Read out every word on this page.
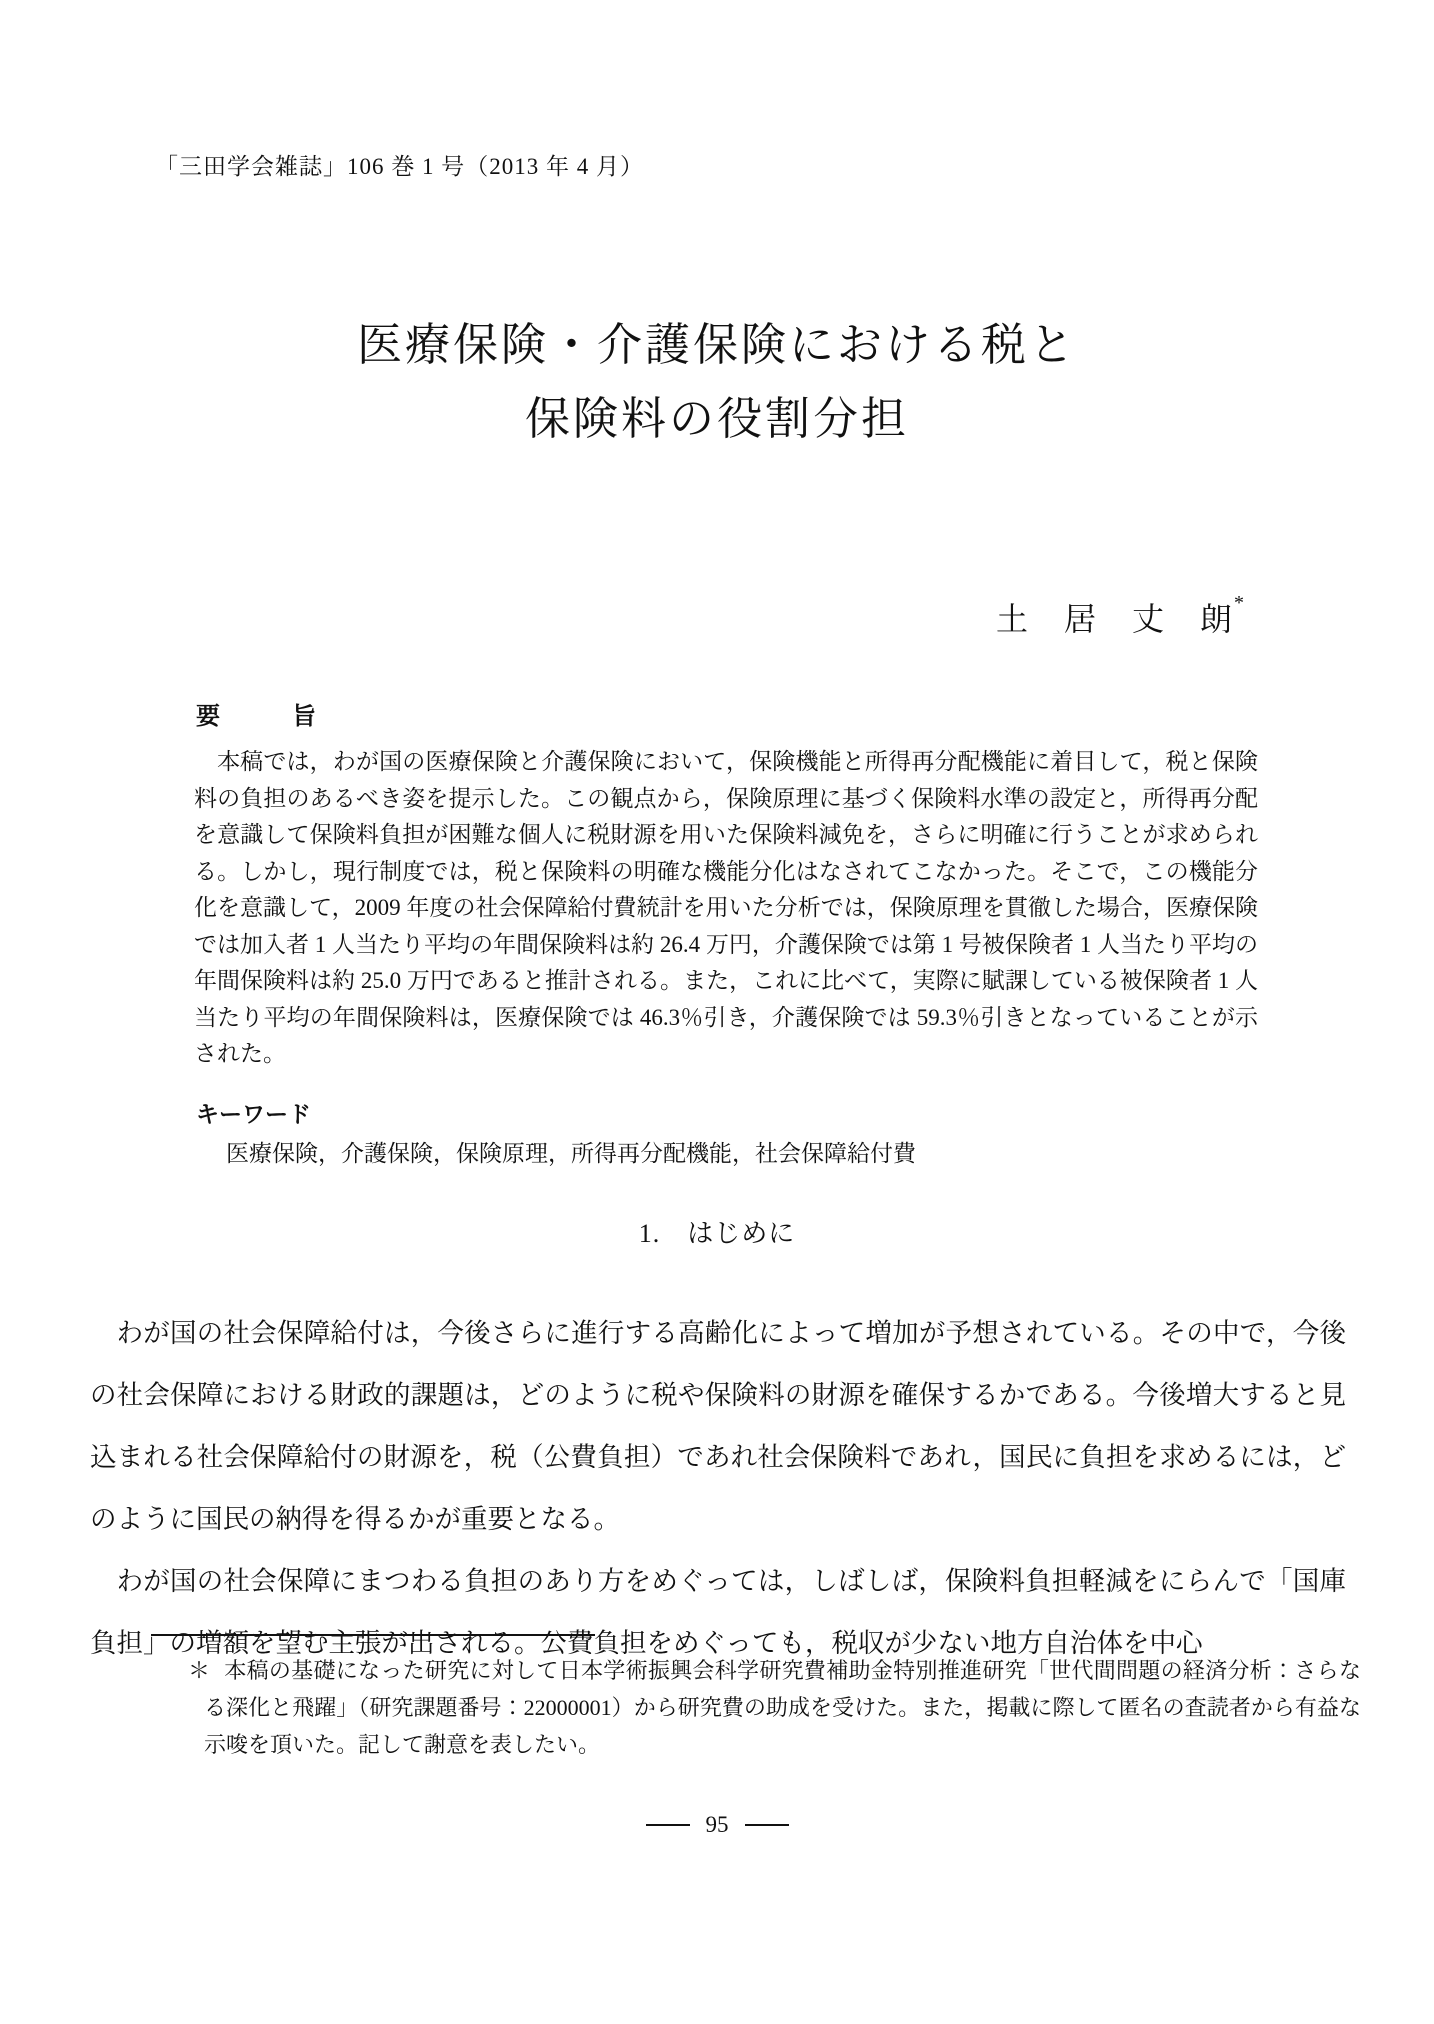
「三田学会雑誌」106 巻 1 号（2013 年 4 月）
医療保険・介護保険における税と
保険料の役割分担
土　居　丈　朗*
要　　　旨
本稿では，わが国の医療保険と介護保険において，保険機能と所得再分配機能に着目して，税と保険料の負担のあるべき姿を提示した。この観点から，保険原理に基づく保険料水準の設定と，所得再分配を意識して保険料負担が困難な個人に税財源を用いた保険料減免を，さらに明確に行うことが求められる。しかし，現行制度では，税と保険料の明確な機能分化はなされてこなかった。そこで，この機能分化を意識して，2009 年度の社会保障給付費統計を用いた分析では，保険原理を貫徹した場合，医療保険では加入者 1 人当たり平均の年間保険料は約 26.4 万円，介護保険では第 1 号被保険者 1 人当たり平均の年間保険料は約 25.0 万円であると推計される。また，これに比べて，実際に賦課している被保険者 1 人当たり平均の年間保険料は，医療保険では 46.3％引き，介護保険では 59.3％引きとなっていることが示された。
キーワード
医療保険，介護保険，保険原理，所得再分配機能，社会保障給付費
1.　はじめに

わが国の社会保障給付は，今後さらに進行する高齢化によって増加が予想されている。その中で，今後の社会保障における財政的課題は，どのように税や保険料の財源を確保するかである。今後増大すると見込まれる社会保障給付の財源を，税（公費負担）であれ社会保険料であれ，国民に負担を求めるには，どのように国民の納得を得るかが重要となる。

わが国の社会保障にまつわる負担のあり方をめぐっては，しばしば，保険料負担軽減をにらんで「国庫負担」の増額を望む主張が出される。公費負担をめぐっても，税収が少ない地方自治体を中心

＊ 本稿の基礎になった研究に対して日本学術振興会科学研究費補助金特別推進研究「世代間問題の経済分析：さらなる深化と飛躍」（研究課題番号：22000001）から研究費の助成を受けた。また，掲載に際して匿名の査読者から有益な示唆を頂いた。記して謝意を表したい。
95
